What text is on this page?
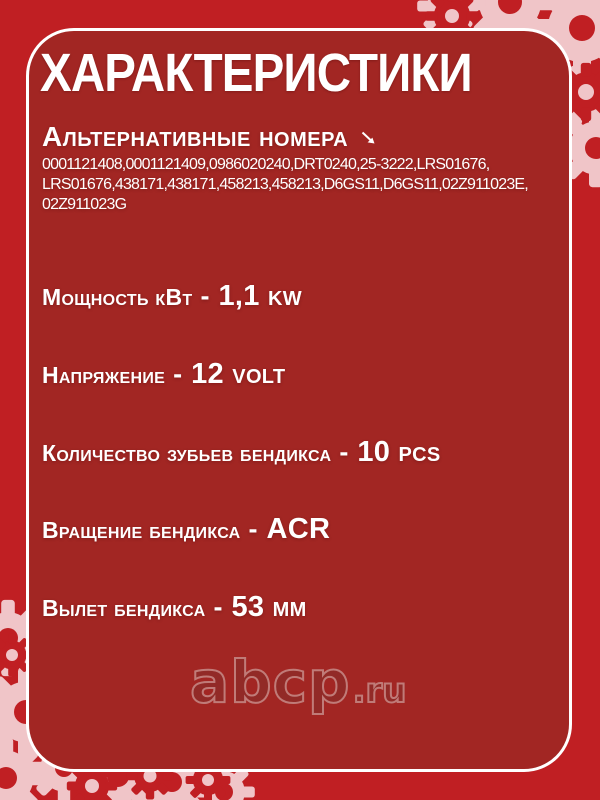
ХАРАКТЕРИСТИКИ
Альтернативные номера
0001121408,0001121409,0986020240,DRT0240,25-3222,LRS01676,
LRS01676,438171,438171,458213,458213,D6GS11,D6GS11,02Z911023E,
02Z911023G
Мощность кВт - 1,1 kw
Напряжение - 12 volt
Количество зубьев бендикса - 10 pcs
Вращение бендикса - ACR
Вылет бендикса - 53 мм
abcp .ru
